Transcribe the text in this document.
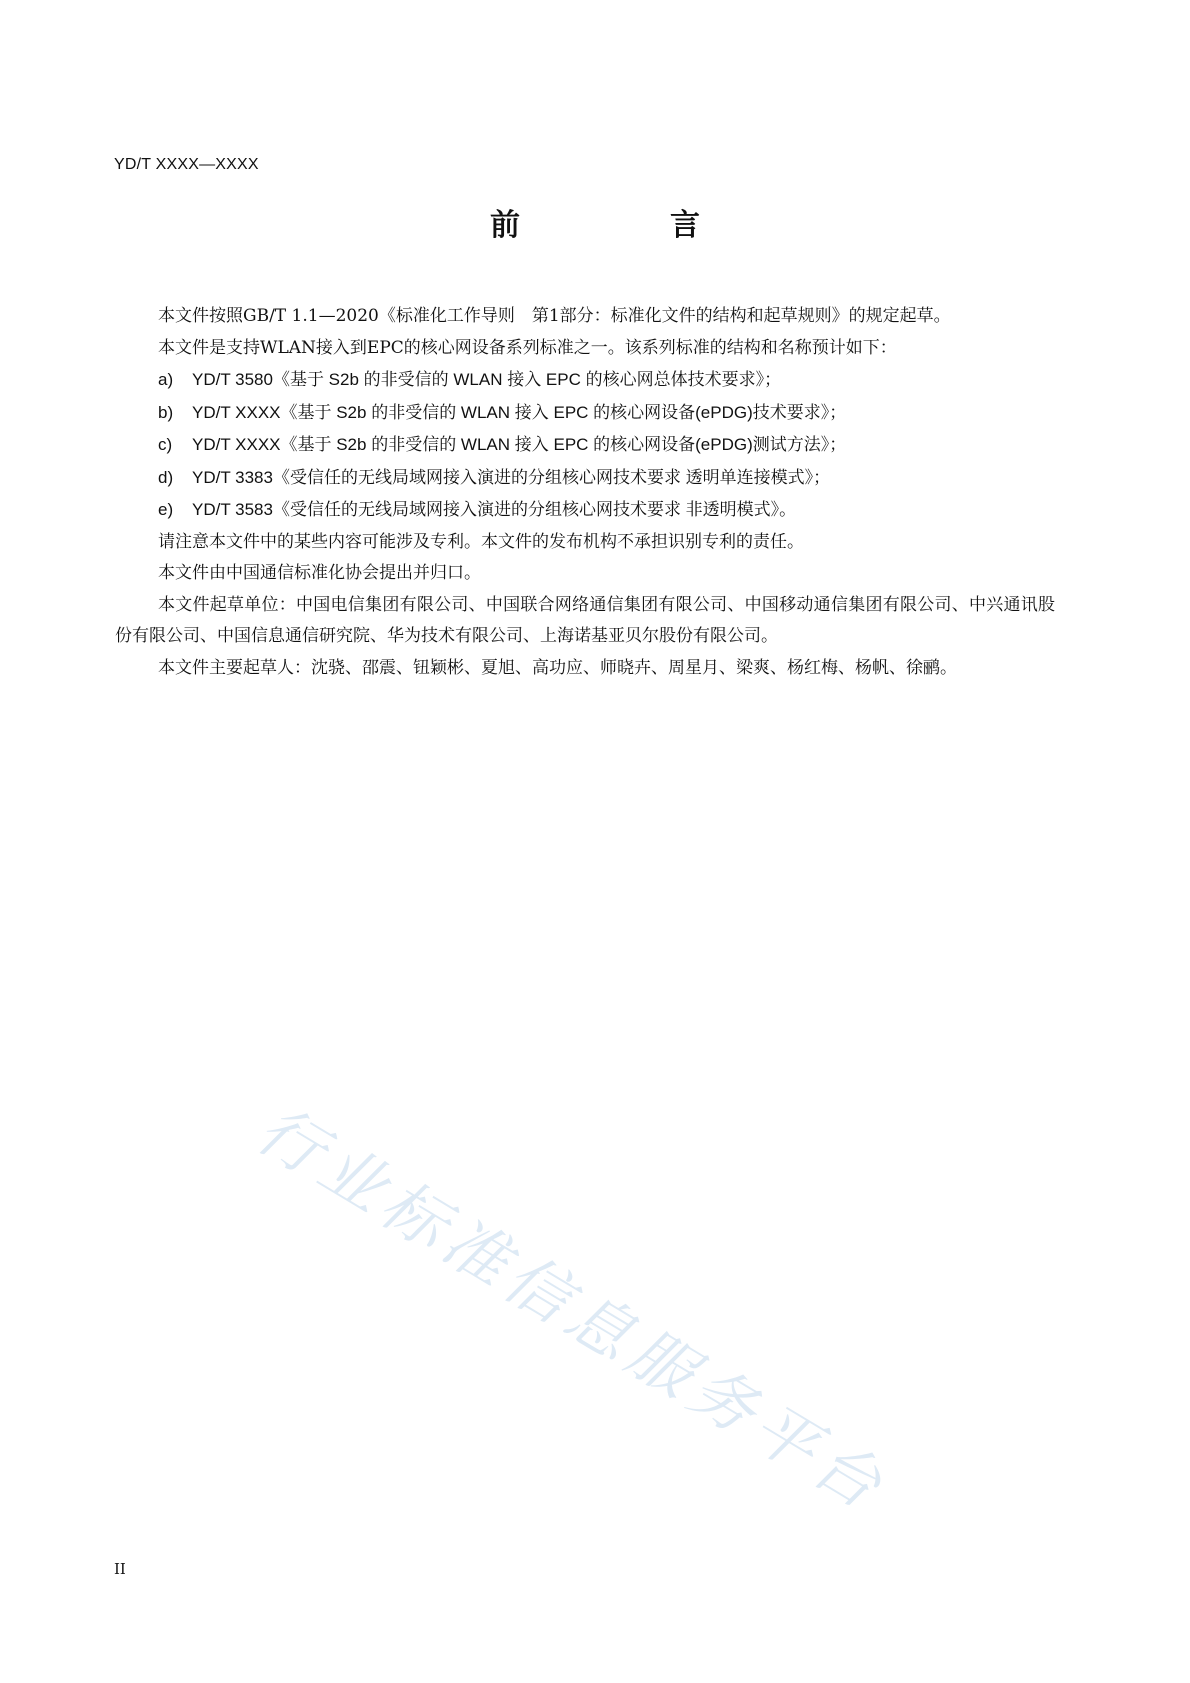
YD/T XXXX—XXXX
前　言

本文件按照GB/T 1.1—2020《标准化工作导则　第1部分：标准化文件的结构和起草规则》的规定起草。

本文件是支持WLAN接入到EPC的核心网设备系列标准之一。该系列标准的结构和名称预计如下：

a) YD/T 3580《基于 S2b 的非受信的 WLAN 接入 EPC 的核心网总体技术要求》；

b) YD/T XXXX《基于 S2b 的非受信的 WLAN 接入 EPC 的核心网设备(ePDG)技术要求》；

c) YD/T XXXX《基于 S2b 的非受信的 WLAN 接入 EPC 的核心网设备(ePDG)测试方法》；

d) YD/T 3383《受信任的无线局域网接入演进的分组核心网技术要求 透明单连接模式》；

e) YD/T 3583《受信任的无线局域网接入演进的分组核心网技术要求 非透明模式》。

请注意本文件中的某些内容可能涉及专利。本文件的发布机构不承担识别专利的责任。

本文件由中国通信标准化协会提出并归口。

本文件起草单位：中国电信集团有限公司、中国联合网络通信集团有限公司、中国移动通信集团有限公司、中兴通讯股份有限公司、中国信息通信研究院、华为技术有限公司、上海诺基亚贝尔股份有限公司。

本文件主要起草人：沈骁、邵震、钮颖彬、夏旭、高功应、师晓卉、周星月、梁爽、杨红梅、杨帆、徐鹂。

行业标准信息服务平台
II
